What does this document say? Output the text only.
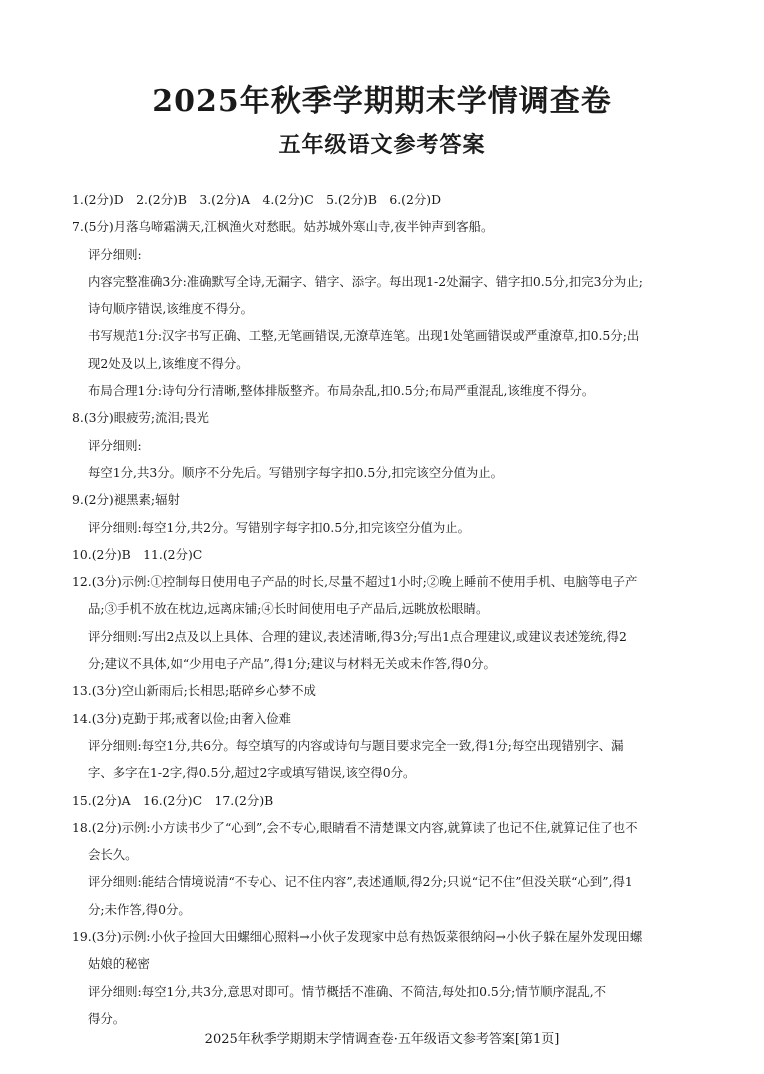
2025年秋季学期期末学情调查卷
五年级语文参考答案
1.(2分)D　2.(2分)B　3.(2分)A　4.(2分)C　5.(2分)B　6.(2分)D
7.(5分)月落乌啼霜满天,江枫渔火对愁眠。姑苏城外寒山寺,夜半钟声到客船。
评分细则:
内容完整准确3分:准确默写全诗,无漏字、错字、添字。每出现1-2处漏字、错字扣0.5分,扣完3分为止;
诗句顺序错误,该维度不得分。
书写规范1分:汉字书写正确、工整,无笔画错误,无潦草连笔。出现1处笔画错误或严重潦草,扣0.5分;出
现2处及以上,该维度不得分。
布局合理1分:诗句分行清晰,整体排版整齐。布局杂乱,扣0.5分;布局严重混乱,该维度不得分。
8.(3分)眼疲劳;流泪;畏光
评分细则:
每空1分,共3分。顺序不分先后。写错别字每字扣0.5分,扣完该空分值为止。
9.(2分)褪黑素;辐射
评分细则:每空1分,共2分。写错别字每字扣0.5分,扣完该空分值为止。
10.(2分)B　11.(2分)C
12.(3分)示例:①控制每日使用电子产品的时长,尽量不超过1小时;②晚上睡前不使用手机、电脑等电子产
品;③手机不放在枕边,远离床铺;④长时间使用电子产品后,远眺放松眼睛。
评分细则:写出2点及以上具体、合理的建议,表述清晰,得3分;写出1点合理建议,或建议表述笼统,得2
分;建议不具体,如“少用电子产品”,得1分;建议与材料无关或未作答,得0分。
13.(3分)空山新雨后;长相思;聒碎乡心梦不成
14.(3分)克勤于邦;戒奢以俭;由奢入俭难
评分细则:每空1分,共6分。每空填写的内容或诗句与题目要求完全一致,得1分;每空出现错别字、漏
字、多字在1-2字,得0.5分,超过2字或填写错误,该空得0分。
15.(2分)A　16.(2分)C　17.(2分)B
18.(2分)示例:小方读书少了“心到”,会不专心,眼睛看不清楚课文内容,就算读了也记不住,就算记住了也不
会长久。
评分细则:能结合情境说清“不专心、记不住内容”,表述通顺,得2分;只说“记不住”但没关联“心到”,得1
分;未作答,得0分。
19.(3分)示例:小伙子捡回大田螺细心照料→小伙子发现家中总有热饭菜很纳闷→小伙子躲在屋外发现田螺
姑娘的秘密
评分细则:每空1分,共3分,意思对即可。情节概括不准确、不简洁,每处扣0.5分;情节顺序混乱,不
得分。
2025年秋季学期期末学情调查卷·五年级语文参考答案[第1页]
